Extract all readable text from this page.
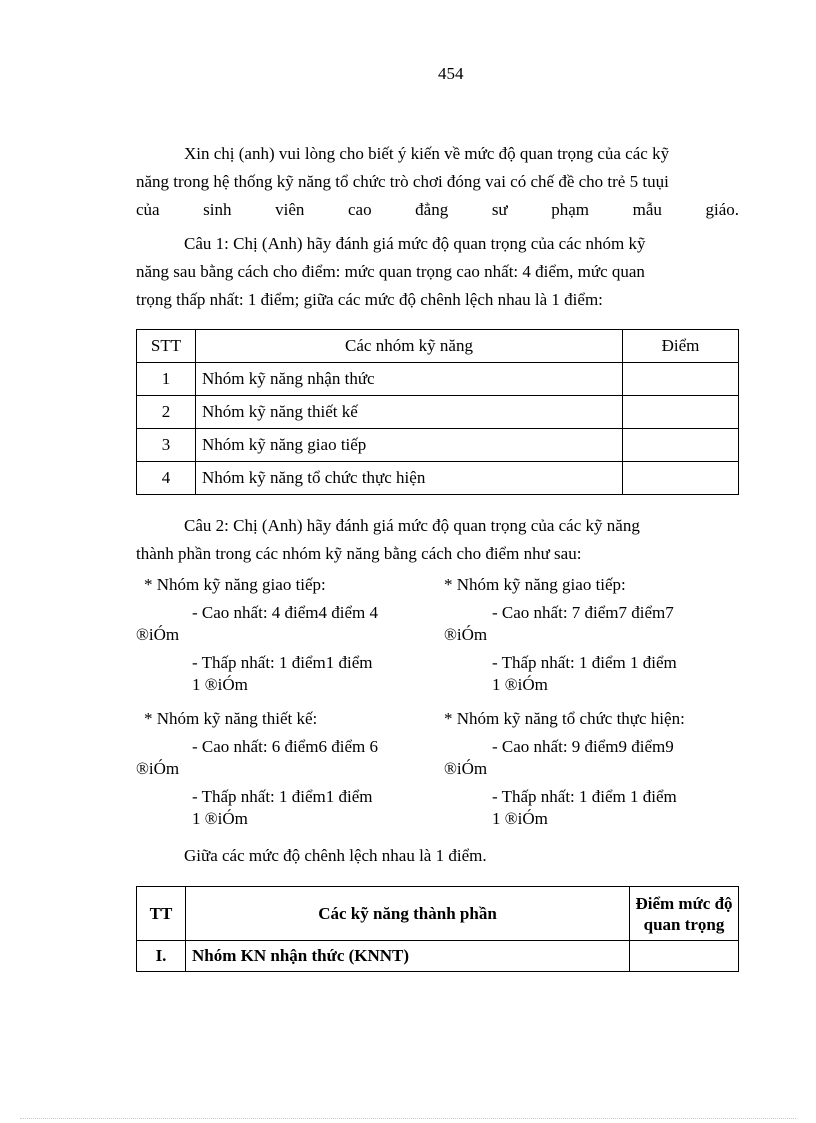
454
Xin chị (anh) vui lòng cho biết ý kiến về mức độ quan trọng của các kỹ
năng trong hệ thống kỹ năng tổ chức trò chơi đóng vai có chế đề cho trẻ 5 tuụi
của sinh viên cao đẳng sư phạm mẫu giáo.
Câu 1: Chị (Anh) hãy đánh giá mức độ quan trọng của các nhóm kỹ
năng sau bằng cách cho điểm: mức quan trọng cao nhất: 4 điểm, mức quan
trọng thấp nhất: 1 điểm; giữa các mức độ chênh lệch nhau là 1 điểm:
STT	Các nhóm kỹ năng	Điểm
1	Nhóm kỹ năng nhận thức	
2	Nhóm kỹ năng thiết kế	
3	Nhóm kỹ năng giao tiếp	
4	Nhóm kỹ năng tổ chức thực hiện	
Câu 2: Chị (Anh) hãy đánh giá mức độ quan trọng của các kỹ năng
thành phần trong các nhóm kỹ năng bằng cách cho điểm như sau:
* Nhóm kỹ năng giao tiếp:
- Cao nhất: 4 điểm4 điểm 4
®iÓm
- Thấp nhất: 1 điểm1 điểm
1 ®iÓm
* Nhóm kỹ năng giao tiếp:
- Cao nhất: 7 điểm7 điểm7
®iÓm
- Thấp nhất: 1 điểm 1 điểm
1 ®iÓm
* Nhóm kỹ năng thiết kế:
- Cao nhất: 6 điểm6 điểm 6
®iÓm
- Thấp nhất: 1 điểm1 điểm
1 ®iÓm
* Nhóm kỹ năng tổ chức thực hiện:
- Cao nhất: 9 điểm9 điểm9
®iÓm
- Thấp nhất: 1 điểm 1 điểm
1 ®iÓm
Giữa các mức độ chênh lệch nhau là 1 điểm.
TT	Các kỹ năng thành phần	Điểm mức độ
quan trọng

I.	Nhóm KN nhận thức (KNNT)	
